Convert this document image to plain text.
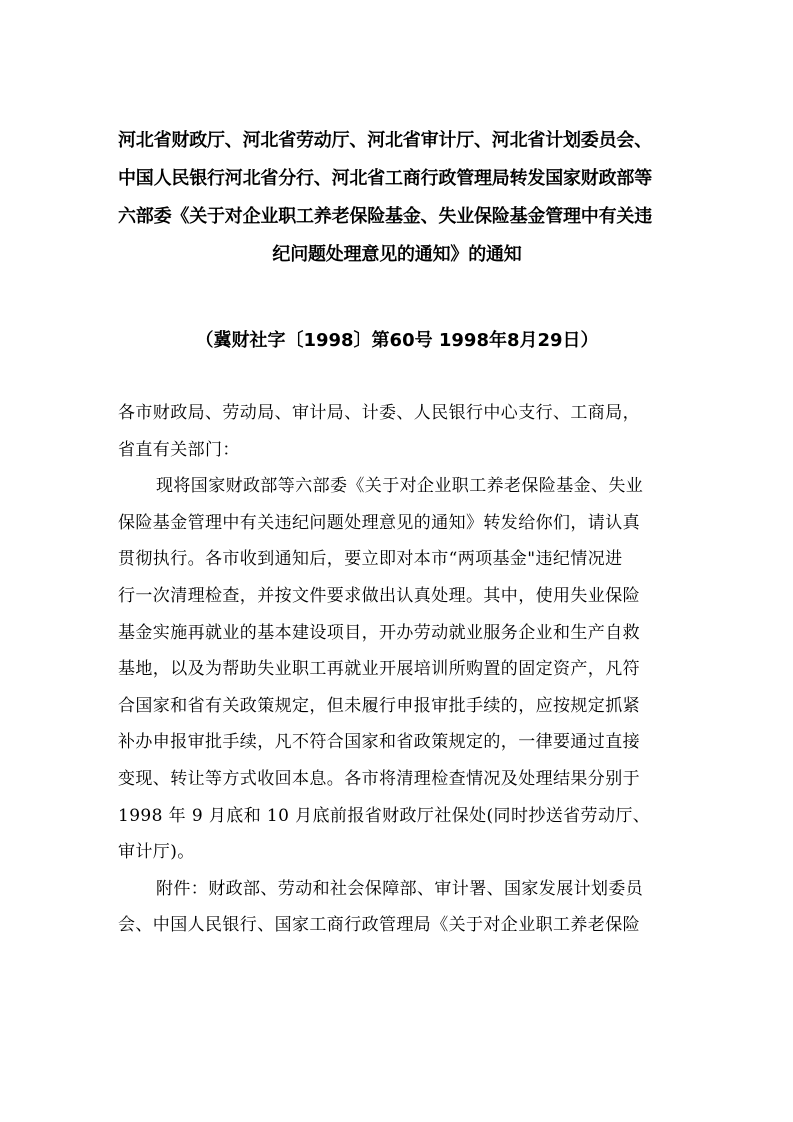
河北省财政厅、河北省劳动厅、河北省审计厅、河北省计划委员会、
中国人民银行河北省分行、河北省工商行政管理局转发国家财政部等
六部委《关于对企业职工养老保险基金、失业保险基金管理中有关违
纪问题处理意见的通知》的通知
（冀财社字〔1998〕第60号 1998年8月29日）
各市财政局、劳动局、审计局、计委、人民银行中心支行、工商局，
省直有关部门：
现将国家财政部等六部委《关于对企业职工养老保险基金、失业
保险基金管理中有关违纪问题处理意见的通知》转发给你们，请认真
贯彻执行。各市收到通知后，要立即对本市“两项基金"违纪情况进
行一次清理检查，并按文件要求做出认真处理。其中，使用失业保险
基金实施再就业的基本建设项目，开办劳动就业服务企业和生产自救
基地，以及为帮助失业职工再就业开展培训所购置的固定资产，凡符
合国家和省有关政策规定，但未履行申报审批手续的，应按规定抓紧
补办申报审批手续，凡不符合国家和省政策规定的，一律要通过直接
变现、转让等方式收回本息。各市将清理检查情况及处理结果分别于
1998 年 9 月底和 10 月底前报省财政厅社保处(同时抄送省劳动厅、
审计厅)。
附件：财政部、劳动和社会保障部、审计署、国家发展计划委员
会、中国人民银行、国家工商行政管理局《关于对企业职工养老保险
